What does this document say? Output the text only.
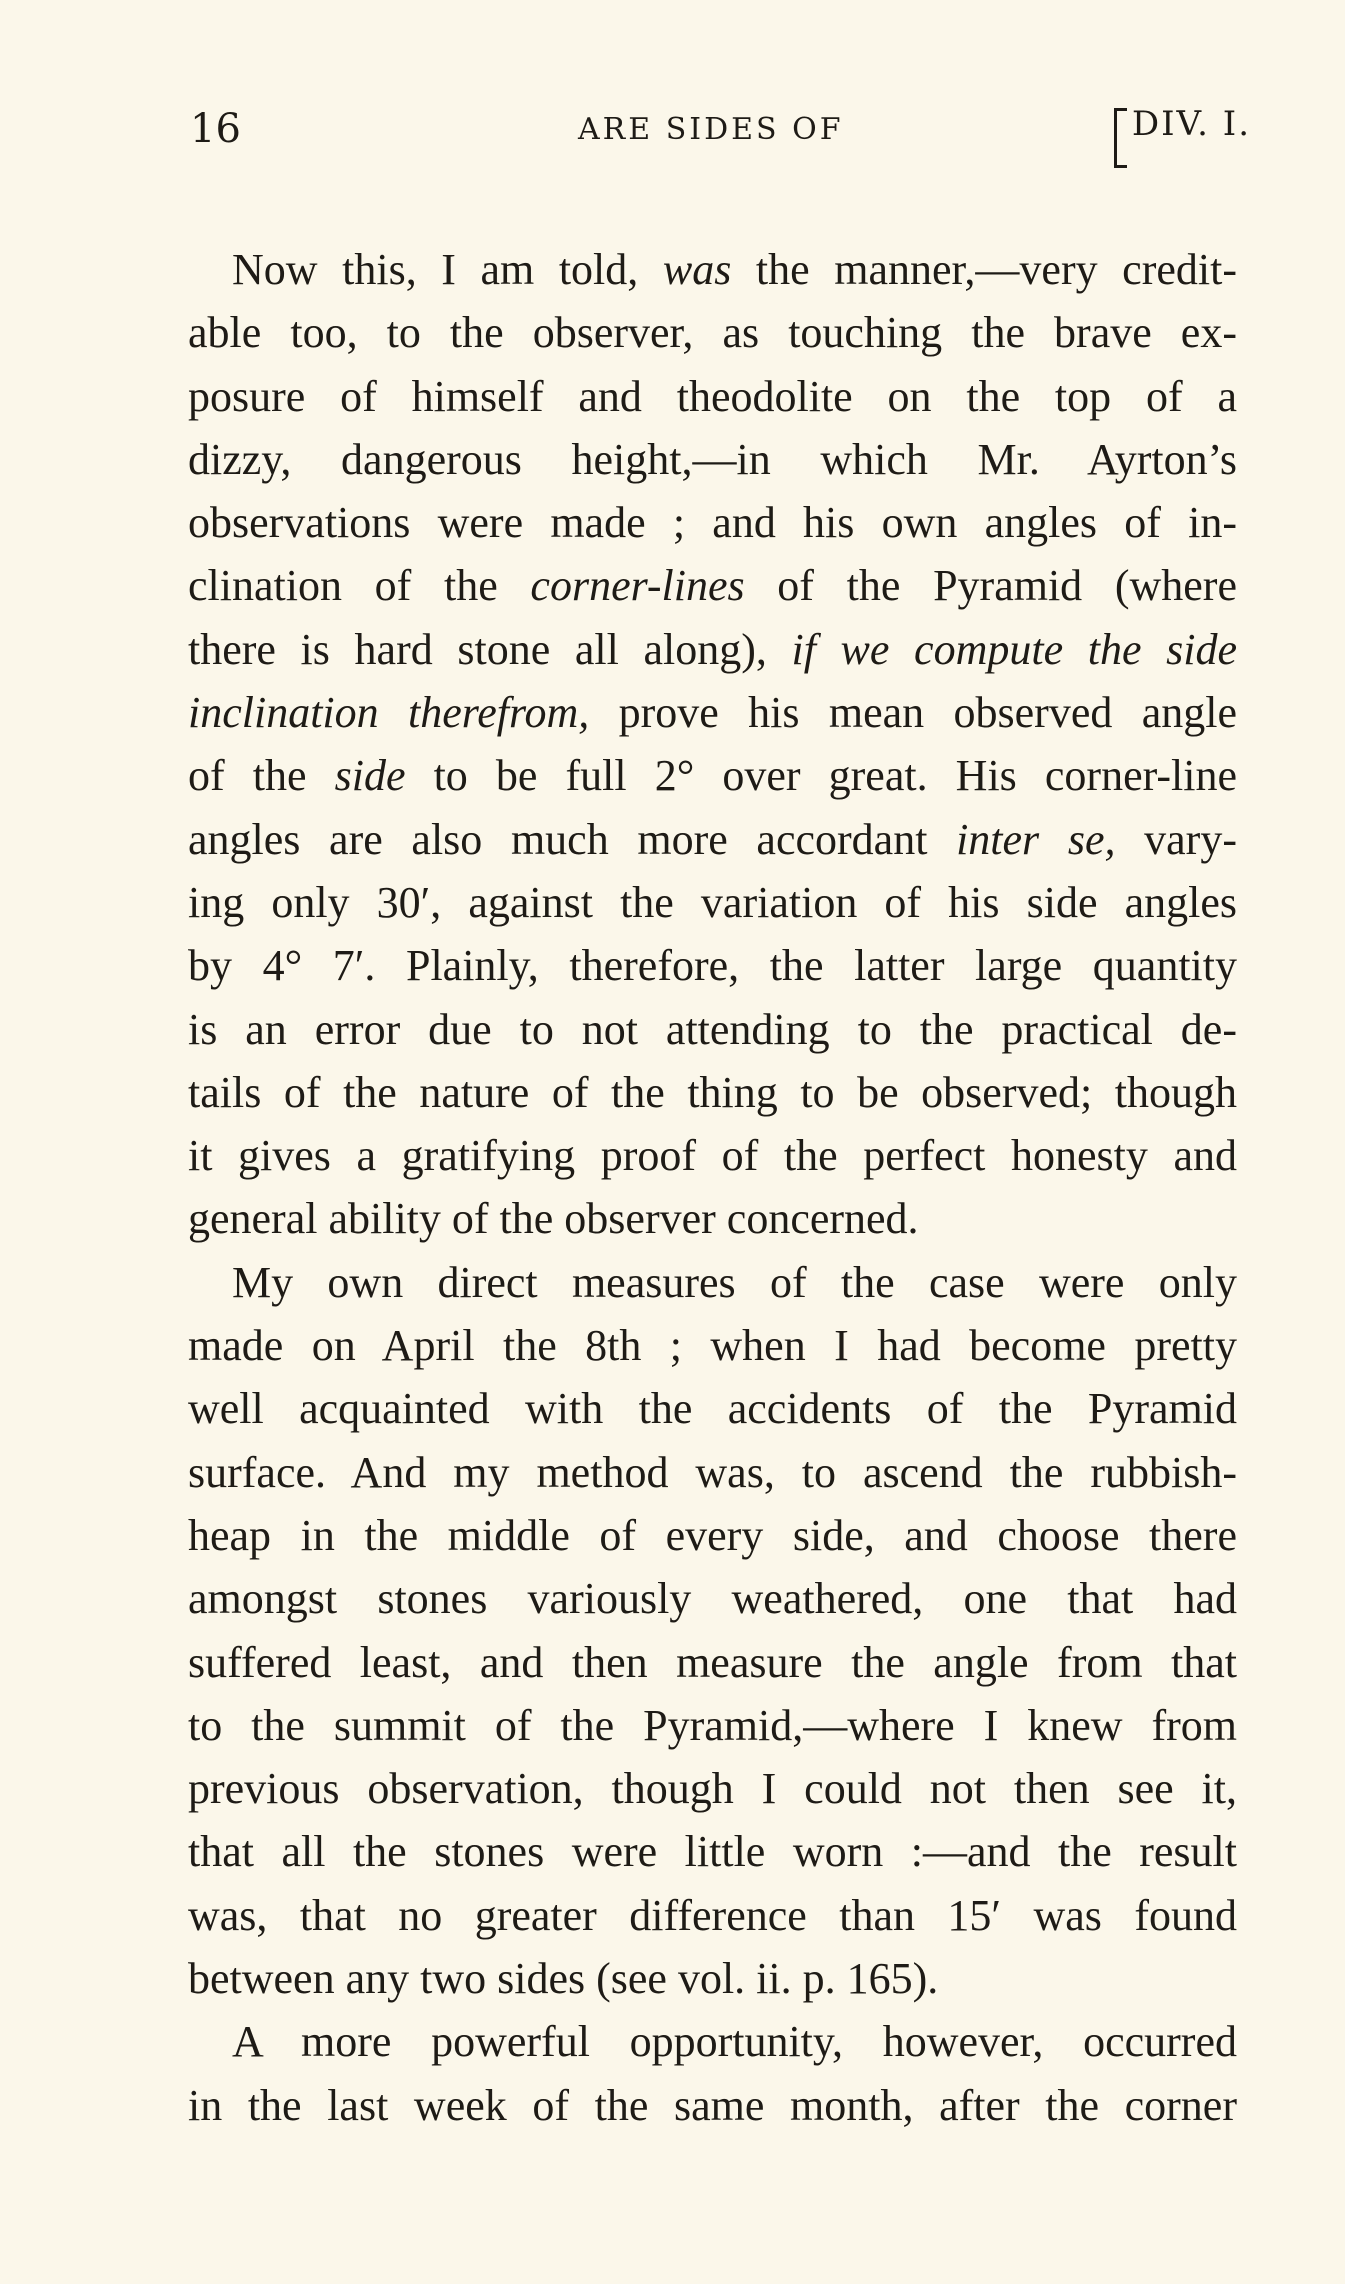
16	ARE SIDES OF	DIV. I.
Now this, I am told, was the manner,—very credit-
able too, to the observer, as touching the brave ex-
posure of himself and theodolite on the top of a
dizzy, dangerous height,—in which Mr. Ayrton’s
observations were made ; and his own angles of in-
clination of the corner-lines of the Pyramid (where
there is hard stone all along), if we compute the side
inclination therefrom, prove his mean observed angle
of the side to be full 2° over great. His corner-line
angles are also much more accordant inter se, vary-
ing only 30′, against the variation of his side angles
by 4° 7′. Plainly, therefore, the latter large quantity
is an error due to not attending to the practical de-
tails of the nature of the thing to be observed; though
it gives a gratifying proof of the perfect honesty and
general ability of the observer concerned.
My own direct measures of the case were only
made on April the 8th ; when I had become pretty
well acquainted with the accidents of the Pyramid
surface. And my method was, to ascend the rubbish-
heap in the middle of every side, and choose there
amongst stones variously weathered, one that had
suffered least, and then measure the angle from that
to the summit of the Pyramid,—where I knew from
previous observation, though I could not then see it,
that all the stones were little worn :—and the result
was, that no greater difference than 15′ was found
between any two sides (see vol. ii. p. 165).
A more powerful opportunity, however, occurred
in the last week of the same month, after the corner
